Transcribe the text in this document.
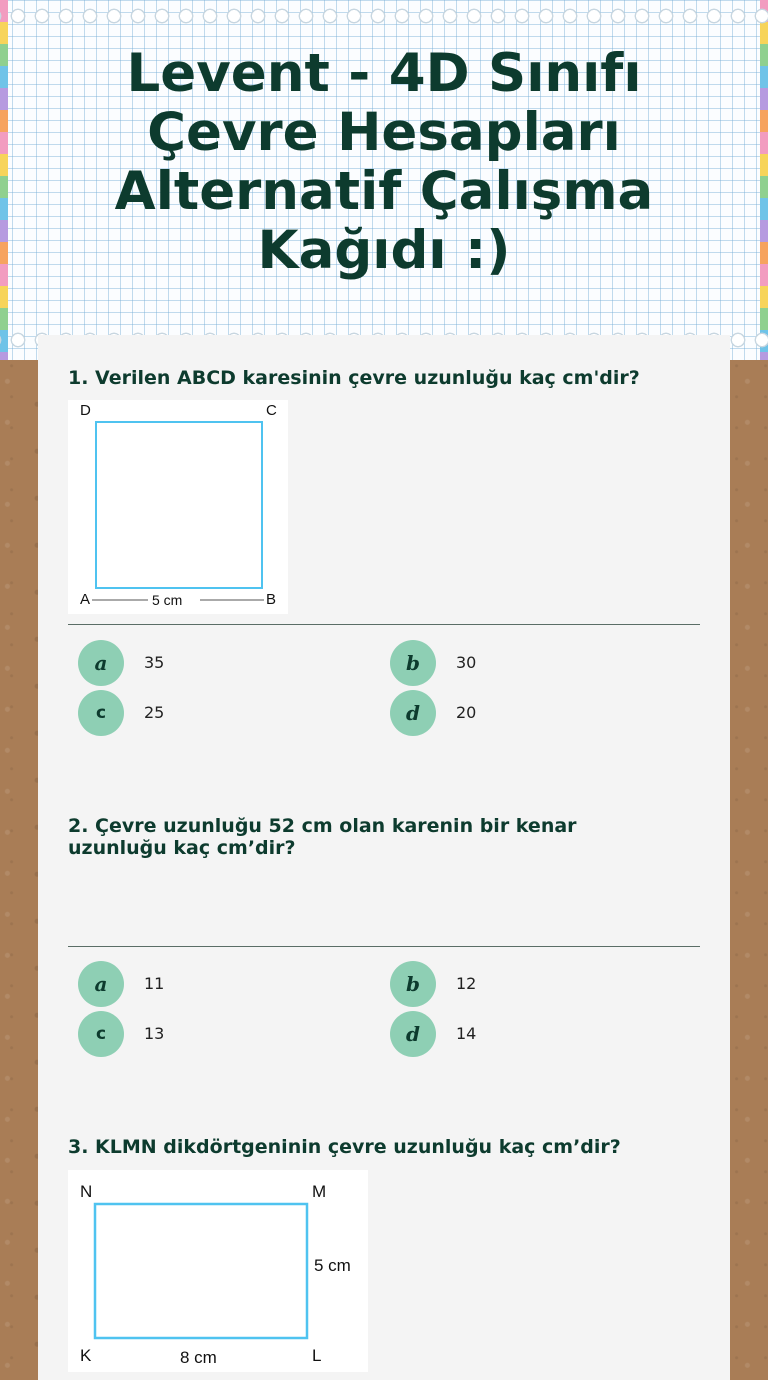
Levent - 4D Sınıfı
Çevre Hesapları
Alternatif Çalışma
Kağıdı :)
1. Verilen ABCD karesinin çevre uzunluğu kaç cm'dir?
D	C
A	B
5 cm
a	35	b	30
c	25	d	20
2. Çevre uzunluğu 52 cm olan karenin bir kenar
uzunluğu kaç cm’dir?
a	11	b	12
c	13	d	14
3. KLMN dikdörtgeninin çevre uzunluğu kaç cm’dir?
N	M
K	L
5 cm
8 cm
